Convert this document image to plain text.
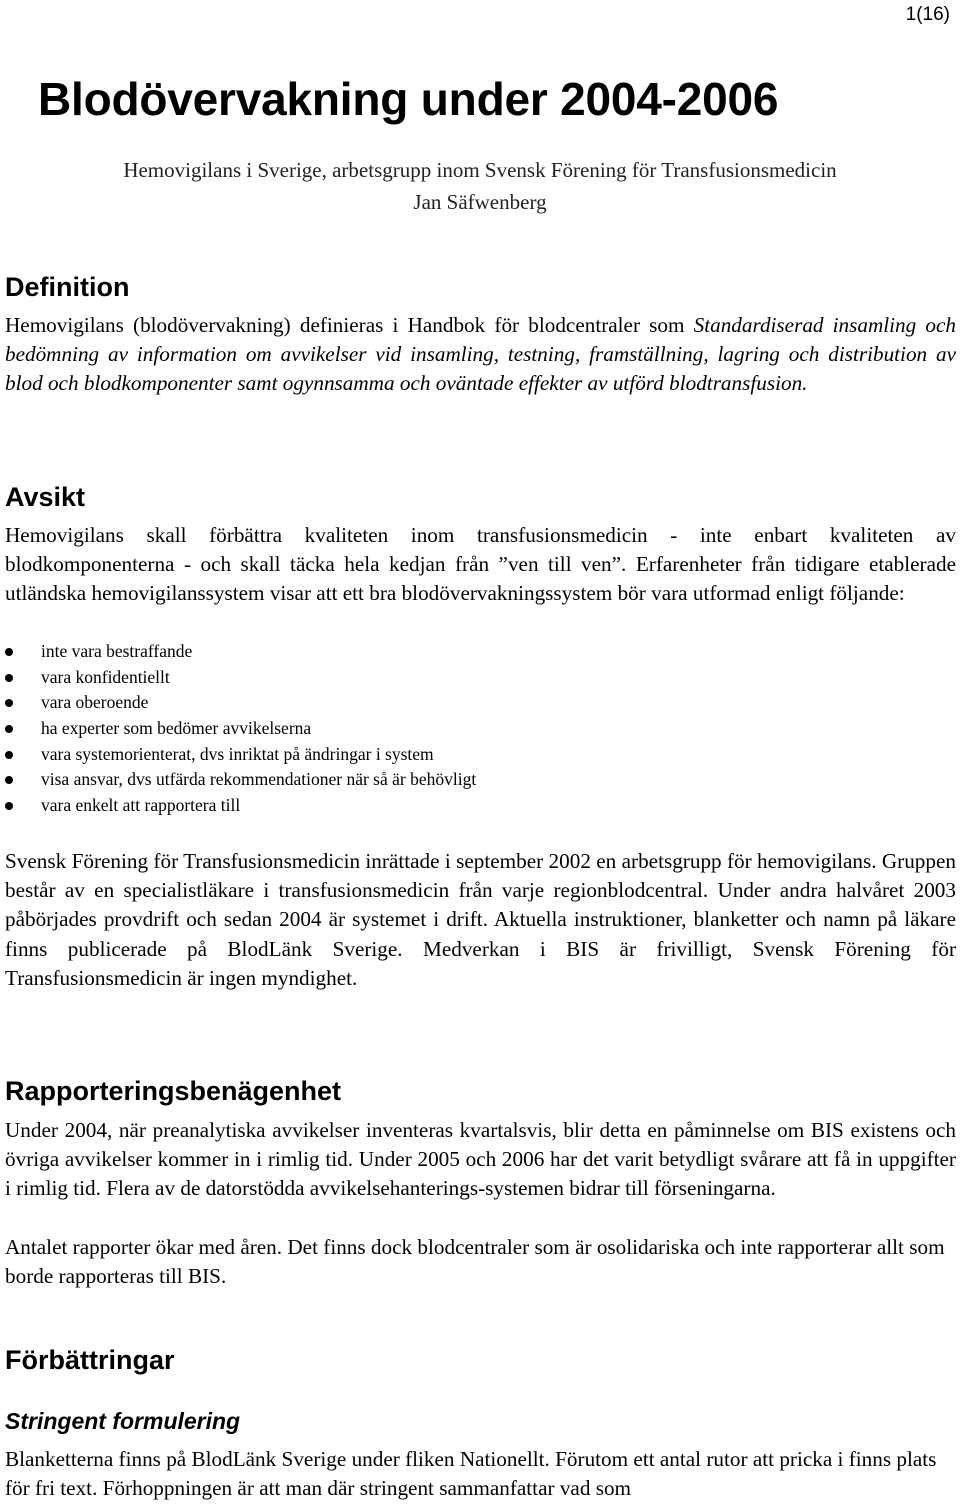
1(16)
Blodövervakning under 2004-2006
Hemovigilans i Sverige, arbetsgrupp inom Svensk Förening för Transfusionsmedicin
Jan Säfwenberg
Definition

Hemovigilans (blodövervakning) definieras i Handbok för blodcentraler som Standardiserad insamling och bedömning av information om avvikelser vid insamling, testning, framställning, lagring och distribution av blod och blodkomponenter samt ogynnsamma och oväntade effekter av utförd blodtransfusion.

Avsikt

Hemovigilans skall förbättra kvaliteten inom transfusionsmedicin - inte enbart kvaliteten av blodkomponenterna - och skall täcka hela kedjan från ”ven till ven”. Erfarenheter från tidigare etablerade utländska hemovigilanssystem visar att ett bra blodövervakningssystem bör vara utformad enligt följande:

inte vara bestraffande
vara konfidentiellt
vara oberoende
ha experter som bedömer avvikelserna
vara systemorienterat, dvs inriktat på ändringar i system
visa ansvar, dvs utfärda rekommendationer när så är behövligt
vara enkelt att rapportera till

Svensk Förening för Transfusionsmedicin inrättade i september 2002 en arbetsgrupp för hemovigilans. Gruppen består av en specialistläkare i transfusionsmedicin från varje regionblodcentral. Under andra halvåret 2003 påbörjades provdrift och sedan 2004 är systemet i drift. Aktuella instruktioner, blanketter och namn på läkare finns publicerade på BlodLänk Sverige. Medverkan i BIS är frivilligt, Svensk Förening för Transfusionsmedicin är ingen myndighet.

Rapporteringsbenägenhet

Under 2004, när preanalytiska avvikelser inventeras kvartalsvis, blir detta en påminnelse om BIS existens och övriga avvikelser kommer in i rimlig tid. Under 2005 och 2006 har det varit betydligt svårare att få in uppgifter i rimlig tid. Flera av de datorstödda avvikelsehanterings-systemen bidrar till förseningarna.

Antalet rapporter ökar med åren. Det finns dock blodcentraler som är osolidariska och inte rapporterar allt som borde rapporteras till BIS.

Förbättringar
Stringent formulering

Blanketterna finns på BlodLänk Sverige under fliken Nationellt. Förutom ett antal rutor att pricka i finns plats för fri text. Förhoppningen är att man där stringent sammanfattar vad som
